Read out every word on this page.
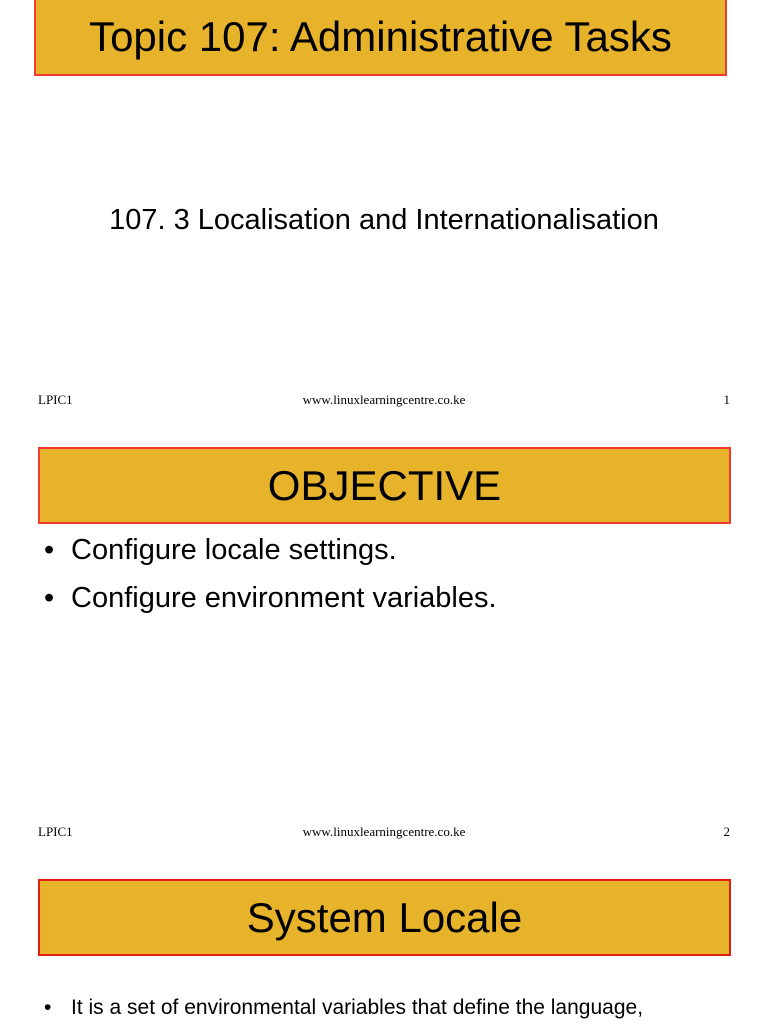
Topic 107: Administrative Tasks
107. 3 Localisation and Internationalisation
LPIC1	www.linuxlearningcentre.co.ke	1
OBJECTIVE
• Configure locale settings.
• Configure environment variables.
LPIC1	www.linuxlearningcentre.co.ke	2
System Locale
• It is a set of environmental variables that define the language,
